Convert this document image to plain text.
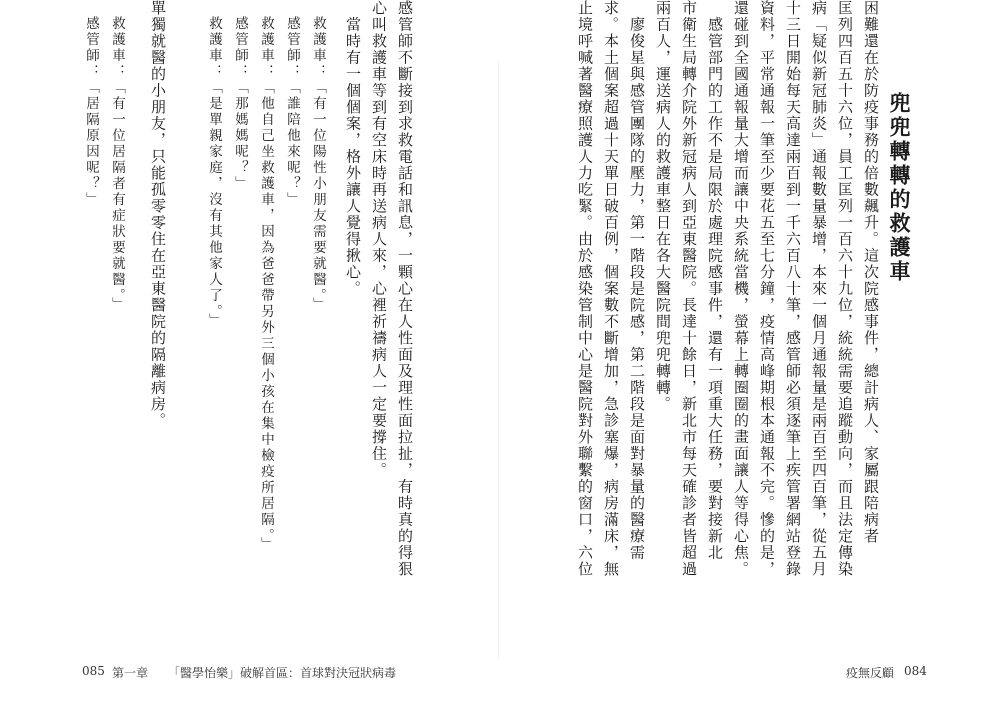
兜兜轉轉的救護車
困難還在於防疫事務的倍數飆升。這次院感事件，總計病人、家屬跟陪病者
匡列四百五十六位，員工匡列一百六十九位，統統需要追蹤動向，而且法定傳染
病「疑似新冠肺炎」通報數量暴增，本來一個月通報量是兩百至四百筆，從五月
十三日開始每天高達兩百到一千六百八十筆，感管師必須逐筆上疾管署網站登錄
資料，平常通報一筆至少要花五至七分鐘，疫情高峰期根本通報不完。慘的是，
還碰到全國通報量大增而讓中央系統當機，螢幕上轉圈圈的畫面讓人等得心焦。
　感管部門的工作不是局限於處理院感事件，還有一項重大任務，要對接新北
市衛生局轉介院外新冠病人到亞東醫院。長達十餘日，新北市每天確診者皆超過
兩百人，運送病人的救護車整日在各大醫院間兜兜轉轉。
　廖俊星與感管團隊的壓力，第一階段是院感，第二階段是面對暴量的醫療需
求。本土個案超過十天單日破百例，個案數不斷增加，急診塞爆，病房滿床，無
止境呼喊著醫療照護人力吃緊。由於感染管制中心是醫院對外聯繫的窗口，六位
疫無反顧 084
感管師不斷接到求救電話和訊息，一顆心在人性面及理性面拉扯，有時真的得狠
心叫救護車等到有空床時再送病人來，心裡祈禱病人一定要撐住。
　當時有一個個案，格外讓人覺得揪心。
　救護車：「有一位陽性小朋友需要就醫。」
　感管師：「誰陪他來呢？」
　救護車：「他自己坐救護車，因為爸爸帶另外三個小孩在集中檢疫所居隔。」
　感管師：「那媽媽呢？」
　救護車：「是單親家庭，沒有其他家人了。」
單獨就醫的小朋友，只能孤零零住在亞東醫院的隔離病房。
　救護車：「有一位居隔者有症狀要就醫。」
　感管師：「居隔原因呢？」
085 第一章 「醫學怡樂」破解首區：首球對決冠狀病毒
